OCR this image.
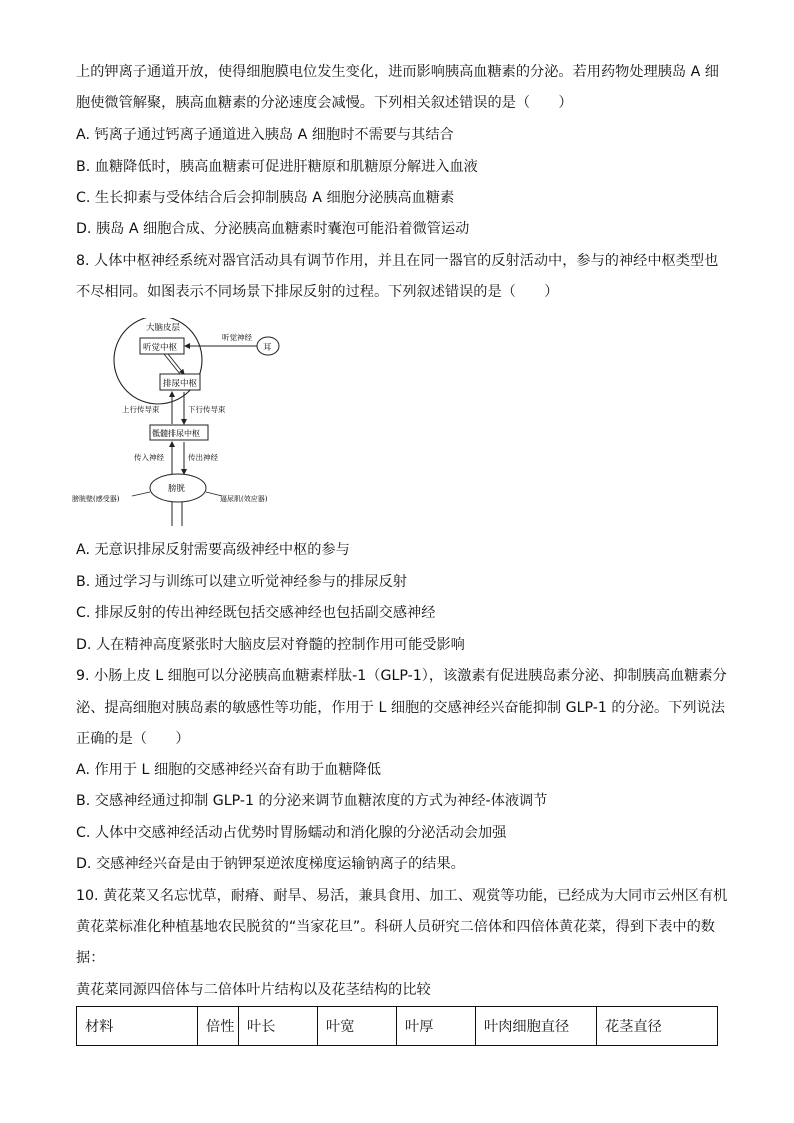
上的钾离子通道开放，使得细胞膜电位发生变化，进而影响胰高血糖素的分泌。若用药物处理胰岛 A 细
胞使微管解聚，胰高血糖素的分泌速度会减慢。下列相关叙述错误的是（　　）
A. 钙离子通过钙离子通道进入胰岛 A 细胞时不需要与其结合
B. 血糖降低时，胰高血糖素可促进肝糖原和肌糖原分解进入血液
C. 生长抑素与受体结合后会抑制胰岛 A 细胞分泌胰高血糖素
D. 胰岛 A 细胞合成、分泌胰高血糖素时囊泡可能沿着微管运动
8. 人体中枢神经系统对器官活动具有调节作用，并且在同一器官的反射活动中，参与的神经中枢类型也
不尽相同。如图表示不同场景下排尿反射的过程。下列叙述错误的是（　　）
A. 无意识排尿反射需要高级神经中枢的参与
B. 通过学习与训练可以建立听觉神经参与的排尿反射
C. 排尿反射的传出神经既包括交感神经也包括副交感神经
D. 人在精神高度紧张时大脑皮层对脊髓的控制作用可能受影响
9. 小肠上皮 L 细胞可以分泌胰高血糖素样肽-1（GLP-1），该激素有促进胰岛素分泌、抑制胰高血糖素分
泌、提高细胞对胰岛素的敏感性等功能，作用于 L 细胞的交感神经兴奋能抑制 GLP-1 的分泌。下列说法
正确的是（　　）
A. 作用于 L 细胞的交感神经兴奋有助于血糖降低
B. 交感神经通过抑制 GLP-1 的分泌来调节血糖浓度的方式为神经-体液调节
C. 人体中交感神经活动占优势时胃肠蠕动和消化腺的分泌活动会加强
D. 交感神经兴奋是由于钠钾泵逆浓度梯度运输钠离子的结果。
10. 黄花菜又名忘忧草，耐瘠、耐旱、易活，兼具食用、加工、观赏等功能，已经成为大同市云州区有机
黄花菜标准化种植基地农民脱贫的“当家花旦”。科研人员研究二倍体和四倍体黄花菜，得到下表中的数
据：
黄花菜同源四倍体与二倍体叶片结构以及花茎结构的比较
大脑皮层
听觉中枢
排尿中枢
耳
听觉神经
上行传导束	下行传导束
骶髓排尿中枢
传入神经	传出神经
膀胱
膀胱壁(感受器)	逼尿肌(效应器)
材料	倍性	叶长	叶宽	叶厚	叶肉细胞直径	花茎直径
